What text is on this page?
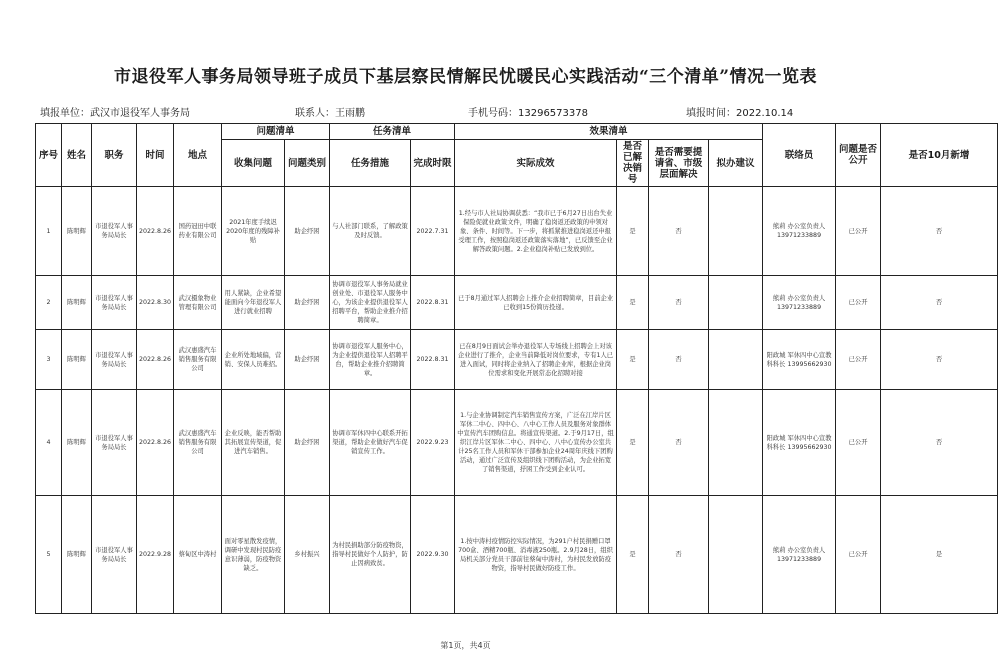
市退役军人事务局领导班子成员下基层察民情解民忧暖民心实践活动“三个清单”情况一览表
填报单位：武汉市退役军人事务局	联系人：王雨鹏	手机号码：13296573378	填报时间：2022.10.14
序号	姓名	职务	时间	地点	问题清单		任务清单		效果清单				联络员	问题是否公开	是否10月新增
					收集问题	问题类别	任务措施	完成时限	实际成效	是否已解决销号	是否需要提请省、市级层面解决	拟办建议			
1	陈明辉	市退役军人事务局局长	2022.8.26	国药冠田中联药业有限公司	2021年度手续迟2020年度的残障补贴	助企纾困	与人社部门联系，了解政策及时反馈。	2022.7.31	1.经与市人社局协调获悉：“我市已于6月27日出台失业保险促就业政策文件，明确了稳岗返还政策的申领对象、条件、时间等。下一步，将抓紧推进稳岗返还申报受理工作，按照稳岗返还政策落实落地”，已反馈至企业解答政策问题。2.企业稳岗补贴已发放到位。	是	否		熊莉 办公室负责人 13971233889	已公开	否
2	陈明辉	市退役军人事务局局长	2022.8.30	武汉摄象物业管理有限公司	用人紧缺，企业希望能面向今年退役军人进行就业招聘	助企纾困	协调市退役军人事务局就业创业处、市退役军人服务中心，为该企业提供退役军人招聘平台，帮助企业推介招聘简章。	2022.8.31	已于8月通过军人招聘会上推介企业招聘简章，目前企业已收到15份简历投递。	是	否		熊莉 办公室负责人 13971233889	已公开	否
3	陈明辉	市退役军人事务局局长	2022.8.26	武汉惠盛汽车销售服务有限公司	企业所处地域偏，营销、安保人员难招。	助企纾困	协调市退役军人服务中心，为企业提供退役军人招聘平台，帮助企业推介招聘简章。	2022.8.31	已在8月9日面试会举办退役军人专场线上招聘会上对该企业进行了推介，企业当前降低对岗位要求，专有1人已进入面试，同时将企业纳入了招聘企业库，根据企业岗位需求和变化开展常态化招聘对接	是	否		阳政城 军休四中心宣教科科长 13995662930	已公开	否
4	陈明辉	市退役军人事务局局长	2022.8.26	武汉惠盛汽车销售服务有限公司	企业反映，能否帮助其拓展宣传渠道，促进汽车销售。	助企纾困	协调市军休四中心联系开拓渠道，帮助企业做好汽车促销宣传工作。	2022.9.23	1.与企业协调制定汽车销售宣传方案，广泛在江岸片区军休二中心、四中心、八中心工作人员及服务对象群体中宣传汽车团购信息。将通宣传渠道。2.于9月17日，组织江岸片区军休二中心、四中心、八中心宣传办公室共计25名工作人员和军休干部参加企业24周年庆线下团购活动，通过广泛宣传及组织线下团购活动，为企业拓宽了销售渠道，抒困工作受到企业认可。	是	否		阳政城 军休四中心宣教科科长 13995662930	已公开	否
5	陈明辉	市退役军人事务局局长	2022.9.28	蔡甸区中涛村	面对零星散发疫情，调研中发现村民防疫意识薄弱，防疫物资缺乏。	乡村振兴	为村民捐助部分防疫物资，指导村民做好个人防护，防止因病致贫。	2022.9.30	1.按中涛村疫情防控实际情况，为291户村民捐赠口罩700盒、酒精700瓶、消毒液250瓶。2.9月28日，组织局机关部分党员干部前往蔡甸中涛村，为村民发放防疫物资，指导村民做好防疫工作。	是	否		熊莉 办公室负责人 13971233889	已公开	是
第1页，共4页
